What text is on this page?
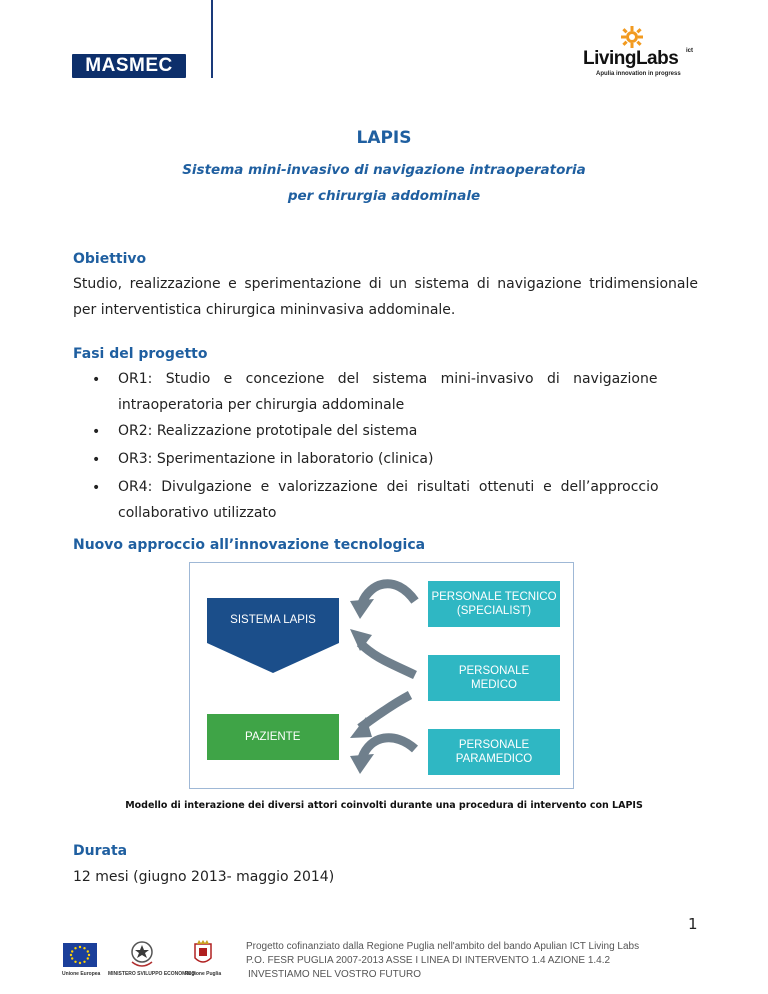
MASMEC	LivingLabs ict
Apulia innovation in progress
LAPIS
Sistema mini-invasivo di navigazione intraoperatoria
per chirurgia addominale
Obiettivo
Studio, realizzazione e sperimentazione di un sistema di navigazione tridimensionale
per interventistica chirurgica mininvasiva addominale.
Fasi del progetto
• OR1:   Studio   e   concezione   del   sistema   mini-invasivo   di   navigazione
intraoperatoria per chirurgia addominale
• OR2: Realizzazione prototipale del sistema
• OR3: Sperimentazione in laboratorio (clinica)
• OR4:  Divulgazione  e  valorizzazione  dei  risultati  ottenuti  e  dell’approccio
collaborativo utilizzato
Nuovo approccio all’innovazione tecnologica
SISTEMA LAPIS
PAZIENTE
PERSONALE TECNICO
(SPECIALIST)
PERSONALE
MEDICO
PERSONALE
PARAMEDICO
Modello di interazione dei diversi attori coinvolti durante una procedura di intervento con LAPIS
Durata
12 mesi (giugno 2013- maggio 2014)
1
Unione Europea MINISTERO SVILUPPO ECONOMICO
Regione Puglia
Progetto cofinanziato dalla Regione Puglia nell'ambito del bando Apulian ICT Living Labs
P.O. FESR PUGLIA 2007-2013 ASSE I LINEA DI INTERVENTO 1.4 AZIONE 1.4.2
INVESTIAMO NEL VOSTRO FUTURO
